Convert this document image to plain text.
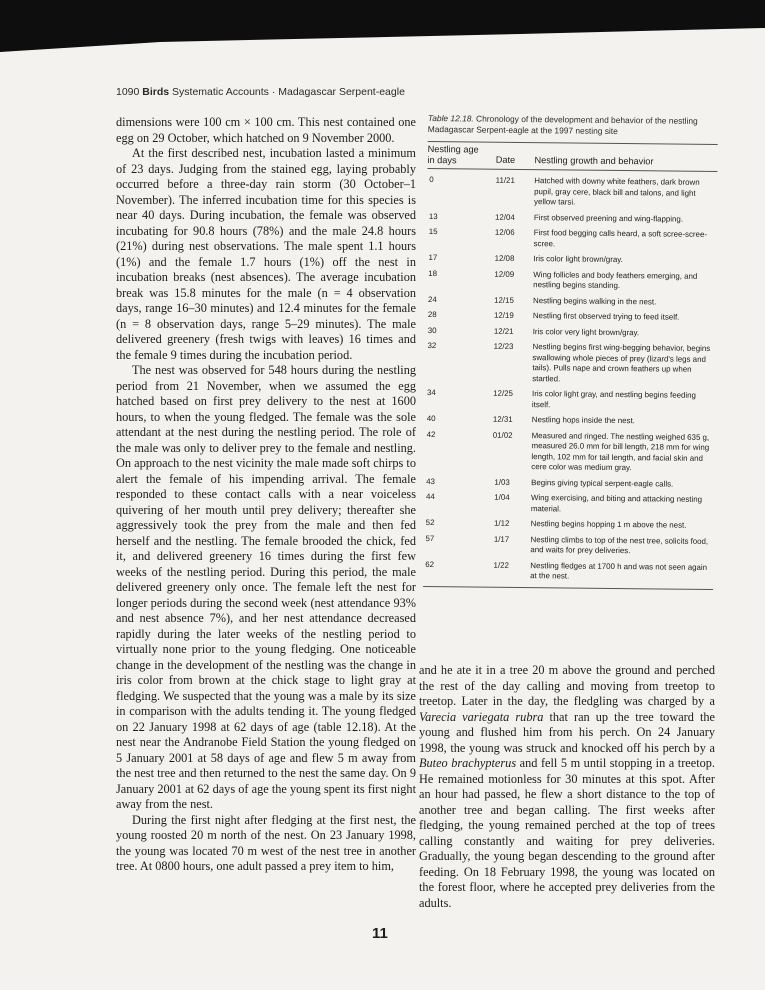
1090 Birds Systematic Accounts · Madagascar Serpent-eagle

dimensions were 100 cm × 100 cm. This nest contained one egg on 29 October, which hatched on 9 November 2000.

At the first described nest, incubation lasted a minimum of 23 days. Judging from the stained egg, laying probably occurred before a three-day rain storm (30 October–1 November). The inferred incubation time for this species is near 40 days. During incubation, the female was observed incubating for 90.8 hours (78%) and the male 24.8 hours (21%) during nest observations. The male spent 1.1 hours (1%) and the female 1.7 hours (1%) off the nest in incubation breaks (nest absences). The average incubation break was 15.8 minutes for the male (n = 4 observation days, range 16–30 minutes) and 12.4 minutes for the female (n = 8 observation days, range 5–29 minutes). The male delivered greenery (fresh twigs with leaves) 16 times and the female 9 times during the incubation period.

The nest was observed for 548 hours during the nestling period from 21 November, when we assumed the egg hatched based on first prey delivery to the nest at 1600 hours, to when the young fledged. The female was the sole attendant at the nest during the nestling period. The role of the male was only to deliver prey to the female and nestling. On approach to the nest vicinity the male made soft chirps to alert the female of his impending arrival. The female responded to these contact calls with a near voiceless quivering of her mouth until prey delivery; thereafter she aggressively took the prey from the male and then fed herself and the nestling. The female brooded the chick, fed it, and delivered greenery 16 times during the first few weeks of the nestling period. During this period, the male delivered greenery only once. The female left the nest for longer periods during the second week (nest attendance 93% and nest absence 7%), and her nest attendance decreased rapidly during the later weeks of the nestling period to virtually none prior to the young fledging. One noticeable change in the development of the nestling was the change in iris color from brown at the chick stage to light gray at fledging. We suspected that the young was a male by its size in comparison with the adults tending it. The young fledged on 22 January 1998 at 62 days of age (table 12.18). At the nest near the Andranobe Field Station the young fledged on 5 January 2001 at 58 days of age and flew 5 m away from the nest tree and then returned to the nest the same day. On 9 January 2001 at 62 days of age the young spent its first night away from the nest.

During the first night after fledging at the first nest, the young roosted 20 m north of the nest. On 23 January 1998, the young was located 70 m west of the nest tree in another tree. At 0800 hours, one adult passed a prey item to him,

Table 12.18. Chronology of the development and behavior of the nestling Madagascar Serpent-eagle at the 1997 nesting site
Nestling age in days	Date	Nestling growth and behavior
0	11/21	Hatched with downy white feathers, dark brown pupil, gray cere, black bill and talons, and light yellow tarsi.
13	12/04	First observed preening and wing-flapping.
15	12/06	First food begging calls heard, a soft scree-scree-scree.
17	12/08	Iris color light brown/gray.
18	12/09	Wing follicles and body feathers emerging, and nestling begins standing.
24	12/15	Nestling begins walking in the nest.
28	12/19	Nestling first observed trying to feed itself.
30	12/21	Iris color very light brown/gray.
32	12/23	Nestling begins first wing-begging behavior, begins swallowing whole pieces of prey (lizard's legs and tails). Pulls nape and crown feathers up when startled.
34	12/25	Iris color light gray, and nestling begins feeding itself.
40	12/31	Nestling hops inside the nest.
42	01/02	Measured and ringed. The nestling weighed 635 g, measured 26.0 mm for bill length, 218 mm for wing length, 102 mm for tail length, and facial skin and cere color was medium gray.
43	1/03	Begins giving typical serpent-eagle calls.
44	1/04	Wing exercising, and biting and attacking nesting material.
52	1/12	Nestling begins hopping 1 m above the nest.
57	1/17	Nestling climbs to top of the nest tree, solicits food, and waits for prey deliveries.
62	1/22	Nestling fledges at 1700 h and was not seen again at the nest.

and he ate it in a tree 20 m above the ground and perched the rest of the day calling and moving from treetop to treetop. Later in the day, the fledgling was charged by a Varecia variegata rubra that ran up the tree toward the young and flushed him from his perch. On 24 January 1998, the young was struck and knocked off his perch by a Buteo brachypterus and fell 5 m until stopping in a treetop. He remained motionless for 30 minutes at this spot. After an hour had passed, he flew a short distance to the top of another tree and began calling. The first weeks after fledging, the young remained perched at the top of trees calling constantly and waiting for prey deliveries. Gradually, the young began descending to the ground after feeding. On 18 February 1998, the young was located on the forest floor, where he accepted prey deliveries from the adults.

11
